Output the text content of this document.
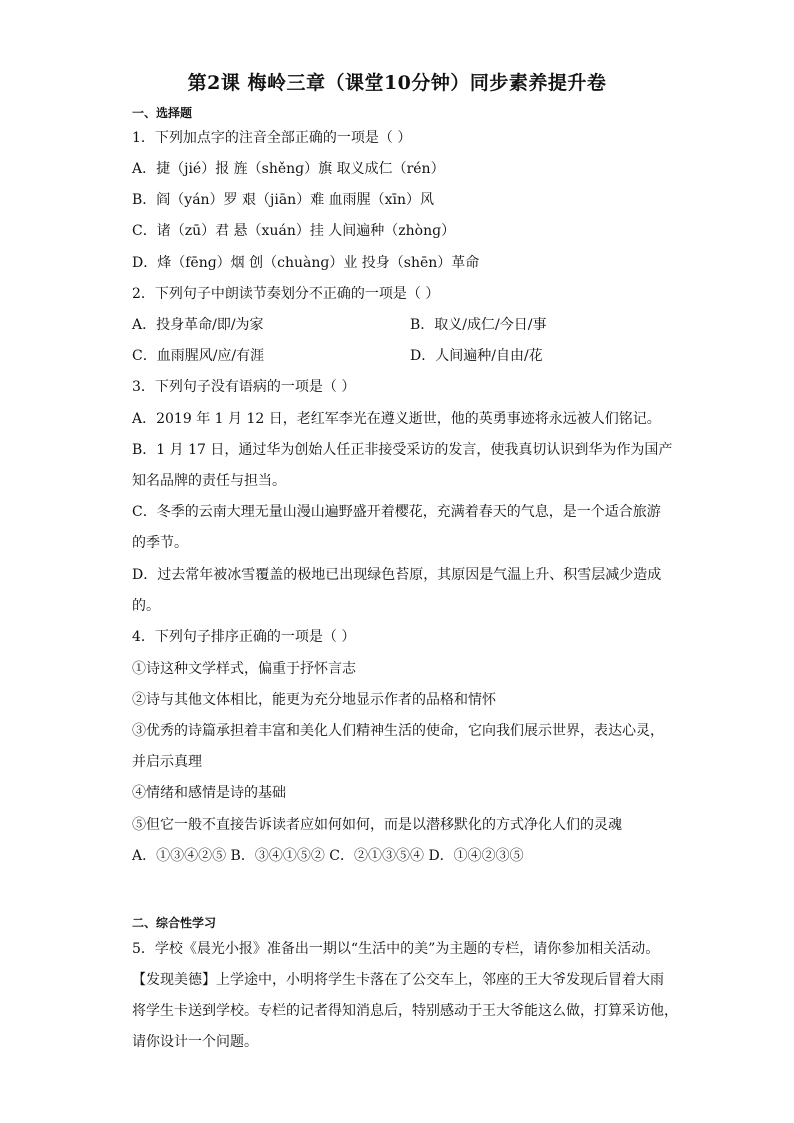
第2课 梅岭三章（课堂10分钟）同步素养提升卷
一、选择题
1．下列加点字的注音全部正确的一项是（ ）
A．捷（jié）报 旌（shěnɡ）旗 取义成仁（rén）
B．阎（yán）罗 艰（jiān）难 血雨腥（xīn）风
C．诸（zū）君 悬（xuán）挂 人间遍种（zhònɡ）
D．烽（fēnɡ）烟 创（chuànɡ）业 投身（shēn）革命
2．下列句子中朗读节奏划分不正确的一项是（ ）
A．投身革命/即/为家	B．取义/成仁/今日/事
C．血雨腥风/应/有涯	D．人间遍种/自由/花
3．下列句子没有语病的一项是（ ）
A．2019 年 1 月 12 日，老红军李光在遵义逝世，他的英勇事迹将永远被人们铭记。
B．1 月 17 日，通过华为创始人任正非接受采访的发言，使我真切认识到华为作为国产
知名品牌的责任与担当。
C．冬季的云南大理无量山漫山遍野盛开着樱花，充满着春天的气息，是一个适合旅游
的季节。
D．过去常年被冰雪覆盖的极地已出现绿色苔原，其原因是气温上升、积雪层减少造成
的。
4．下列句子排序正确的一项是（ ）
①诗这种文学样式，偏重于抒怀言志
②诗与其他文体相比，能更为充分地显示作者的品格和情怀
③优秀的诗篇承担着丰富和美化人们精神生活的使命，它向我们展示世界，表达心灵，
并启示真理
④情绪和感情是诗的基础
⑤但它一般不直接告诉读者应如何如何，而是以潜移默化的方式净化人们的灵魂
A．①③④②⑤ B．③④①⑤② C．②①③⑤④ D．①④②③⑤
二、综合性学习
5．学校《晨光小报》准备出一期以“生活中的美”为主题的专栏，请你参加相关活动。
【发现美德】上学途中，小明将学生卡落在了公交车上，邻座的王大爷发现后冒着大雨
将学生卡送到学校。专栏的记者得知消息后，特别感动于王大爷能这么做，打算采访他，
请你设计一个问题。
